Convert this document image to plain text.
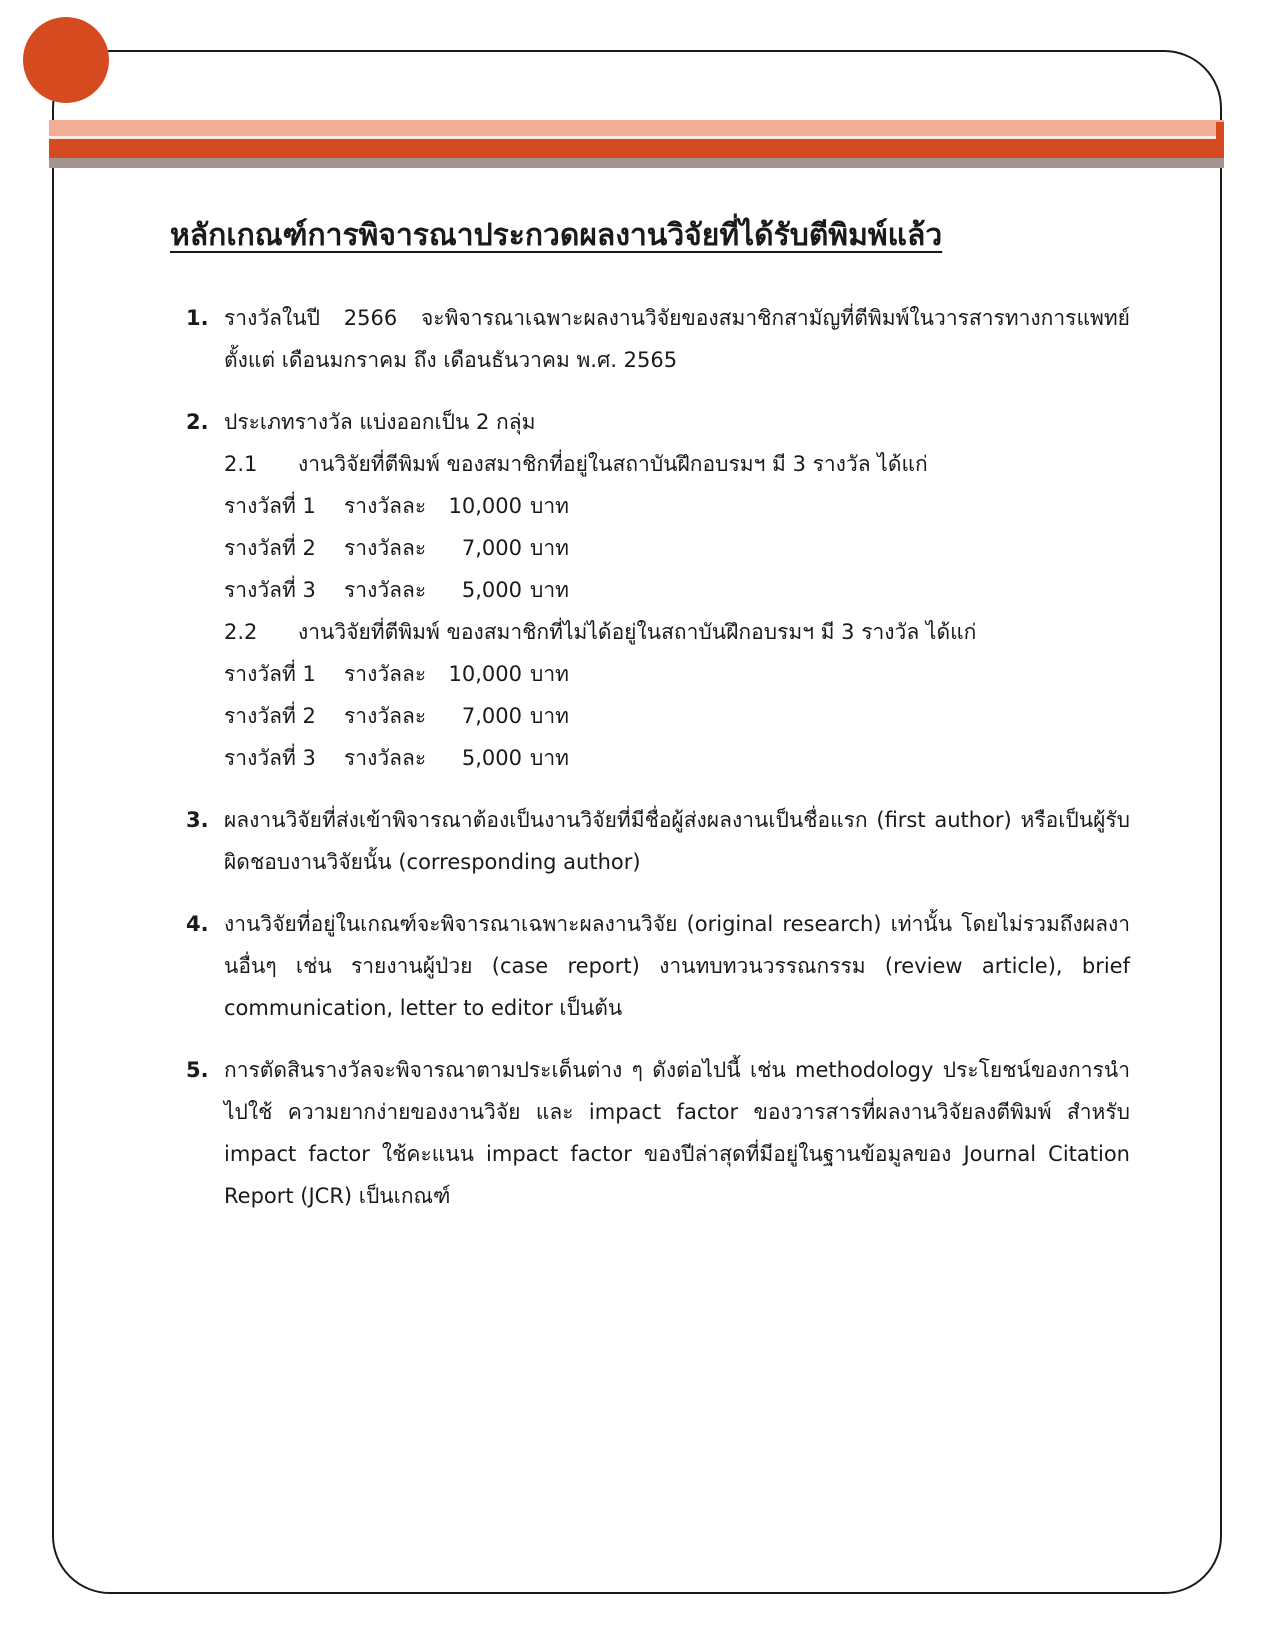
หลักเกณฑ์การพิจารณาประกวดผลงานวิจัยที่ได้รับตีพิมพ์แล้ว
1. รางวัลในปี 2566 จะพิจารณาเฉพาะผลงานวิจัยของสมาชิกสามัญที่ตีพิมพ์ในวารสารทางการแพทย์ ตั้งแต่ เดือนมกราคม ถึง เดือนธันวาคม พ.ศ. 2565
2. ประเภทรางวัล แบ่งออกเป็น 2 กลุ่ม
2.1 งานวิจัยที่ตีพิมพ์ ของสมาชิกที่อยู่ในสถาบันฝึกอบรมฯ มี 3 รางวัล ได้แก่
รางวัลที่ 1 รางวัลละ 10,000 บาท
รางวัลที่ 2 รางวัลละ 7,000 บาท
รางวัลที่ 3 รางวัลละ 5,000 บาท
2.2 งานวิจัยที่ตีพิมพ์ ของสมาชิกที่ไม่ได้อยู่ในสถาบันฝึกอบรมฯ มี 3 รางวัล ได้แก่
รางวัลที่ 1 รางวัลละ 10,000 บาท
รางวัลที่ 2 รางวัลละ 7,000 บาท
รางวัลที่ 3 รางวัลละ 5,000 บาท
3. ผลงานวิจัยที่ส่งเข้าพิจารณาต้องเป็นงานวิจัยที่มีชื่อผู้ส่งผลงานเป็นชื่อแรก (first author) หรือเป็นผู้รับผิดชอบงานวิจัยนั้น (corresponding author)
4. งานวิจัยที่อยู่ในเกณฑ์จะพิจารณาเฉพาะผลงานวิจัย (original research) เท่านั้น โดยไม่รวมถึงผลงานอื่นๆ เช่น รายงานผู้ป่วย (case report) งานทบทวนวรรณกรรม (review article), brief communication, letter to editor เป็นต้น
5. การตัดสินรางวัลจะพิจารณาตามประเด็นต่าง ๆ ดังต่อไปนี้ เช่น methodology ประโยชน์ของการนำไปใช้ ความยากง่ายของงานวิจัย และ impact factor ของวารสารที่ผลงานวิจัยลงตีพิมพ์ สำหรับ impact factor ใช้คะแนน impact factor ของปีล่าสุดที่มีอยู่ในฐานข้อมูลของ Journal Citation Report (JCR) เป็นเกณฑ์
